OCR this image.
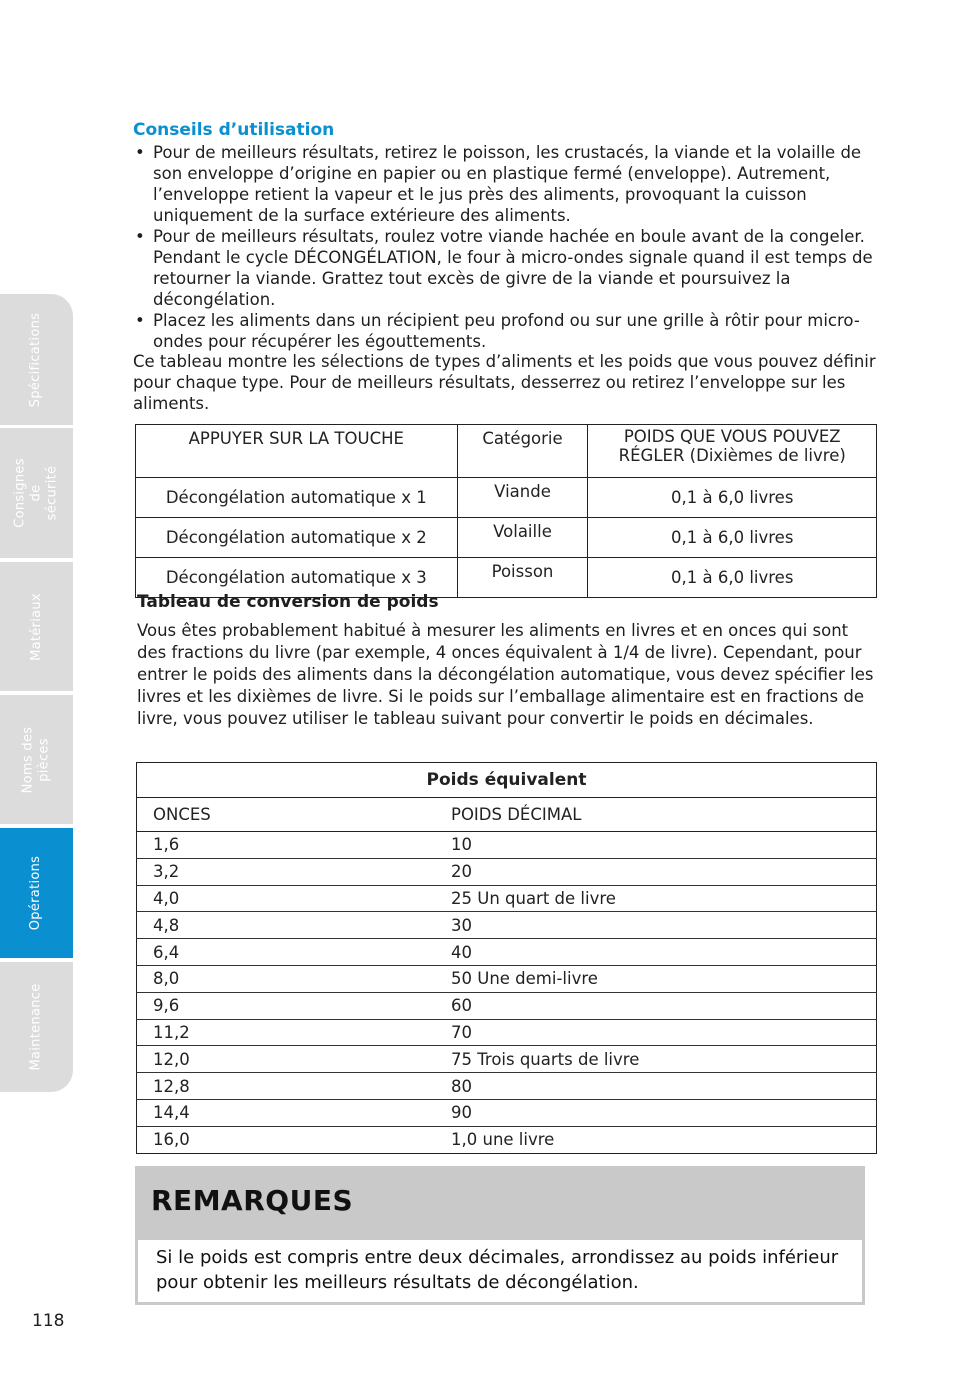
Spécifications
Consignes de sécurité
Matériaux
Noms des pièces
Opérations
Maintenance
Conseils d’utilisation
• Pour de meilleurs résultats, retirez le poisson, les crustacés, la viande et la volaille de son enveloppe d’origine en papier ou en plastique fermé (enveloppe). Autrement, l’enveloppe retient la vapeur et le jus près des aliments, provoquant la cuisson uniquement de la surface extérieure des aliments.
• Pour de meilleurs résultats, roulez votre viande hachée en boule avant de la congeler. Pendant le cycle DÉCONGÉLATION, le four à micro-ondes signale quand il est temps de retourner la viande. Grattez tout excès de givre de la viande et poursuivez la décongélation.
• Placez les aliments dans un récipient peu profond ou sur une grille à rôtir pour micro-ondes pour récupérer les égouttements.
Ce tableau montre les sélections de types d’aliments et les poids que vous pouvez définir pour chaque type. Pour de meilleurs résultats, desserrez ou retirez l’enveloppe sur les aliments.
APPUYER SUR LA TOUCHE	Catégorie	POIDS QUE VOUS POUVEZ RÉGLER (Dixièmes de livre)
Décongélation automatique x 1	Viande	0,1 à 6,0 livres
Décongélation automatique x 2	Volaille	0,1 à 6,0 livres
Décongélation automatique x 3	Poisson	0,1 à 6,0 livres
Tableau de conversion de poids
Vous êtes probablement habitué à mesurer les aliments en livres et en onces qui sont des fractions du livre (par exemple, 4 onces équivalent à 1/4 de livre). Cependant, pour entrer le poids des aliments dans la décongélation automatique, vous devez spécifier les livres et les dixièmes de livre. Si le poids sur l’emballage alimentaire est en fractions de livre, vous pouvez utiliser le tableau suivant pour convertir le poids en décimales.
Poids équivalent	
ONCES	POIDS DÉCIMAL
1,6	10
3,2	20
4,0	25 Un quart de livre
4,8	30
6,4	40
8,0	50 Une demi-livre
9,6	60
11,2	70
12,0	75 Trois quarts de livre
12,8	80
14,4	90
16,0	1,0 une livre
REMARQUES
Si le poids est compris entre deux décimales, arrondissez au poids inférieur pour obtenir les meilleurs résultats de décongélation.
118
